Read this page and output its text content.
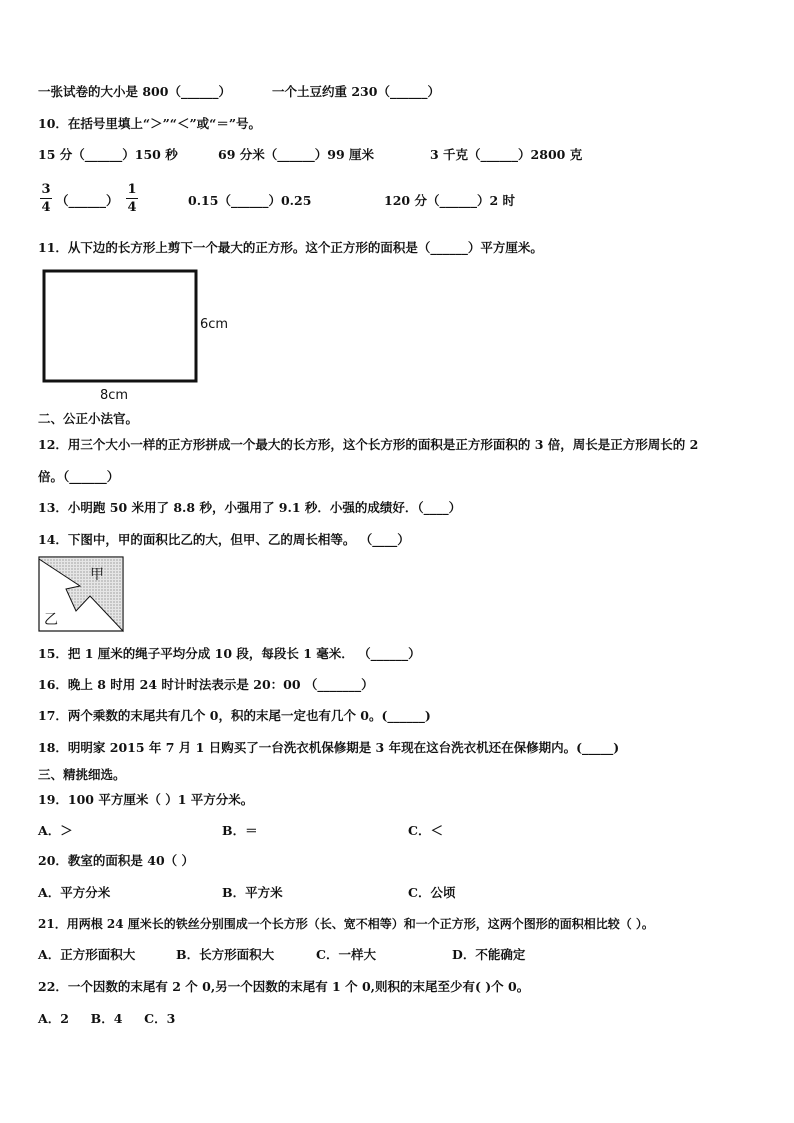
一张试卷的大小是 800（______）	一个土豆约重 230（______）
10．在括号里填上“＞”“＜”或“＝”号。
15 分（______）150 秒	69 分米（______）99 厘米	3 千克（______）2800 克
3
4 （______）
1
4	0.15（______）0.25	120 分（______）2 时
11．从下边的长方形上剪下一个最大的正方形。这个正方形的面积是（______）平方厘米。
6cm
8cm
二、公正小法官。
12．用三个大小一样的正方形拼成一个最大的长方形，这个长方形的面积是正方形面积的 3 倍，周长是正方形周长的 2
倍。（______）
13．小明跑 50 米用了 8.8 秒，小强用了 9.1 秒．小强的成绩好．（____）
14．下图中，甲的面积比乙的大，但甲、乙的周长相等。 （____）
甲
乙
15．把 1 厘米的绳子平均分成 10 段，每段长 1 毫米． （______）
16．晚上 8 时用 24 时计时法表示是 20：00 （_______）
17．两个乘数的末尾共有几个 0，积的末尾一定也有几个 0。(______)
18．明明家 2015 年 7 月 1 日购买了一台洗衣机保修期是 3 年现在这台洗衣机还在保修期内。(_____)
三、精挑细选。
19．100 平方厘米（ ）1 平方分米。
A．＞	B．＝	C．＜
20．教室的面积是 40（ ）
A．平方分米	B．平方米	C．公顷
21．用两根 24 厘米长的铁丝分别围成一个长方形（长、宽不相等）和一个正方形，这两个图形的面积相比较（ ）。
A．正方形面积大	B．长方形面积大	C．一样大	D．不能确定
22．一个因数的末尾有 2 个 0,另一个因数的末尾有 1 个 0,则积的末尾至少有( )个 0。
A．2     B．4     C．3
